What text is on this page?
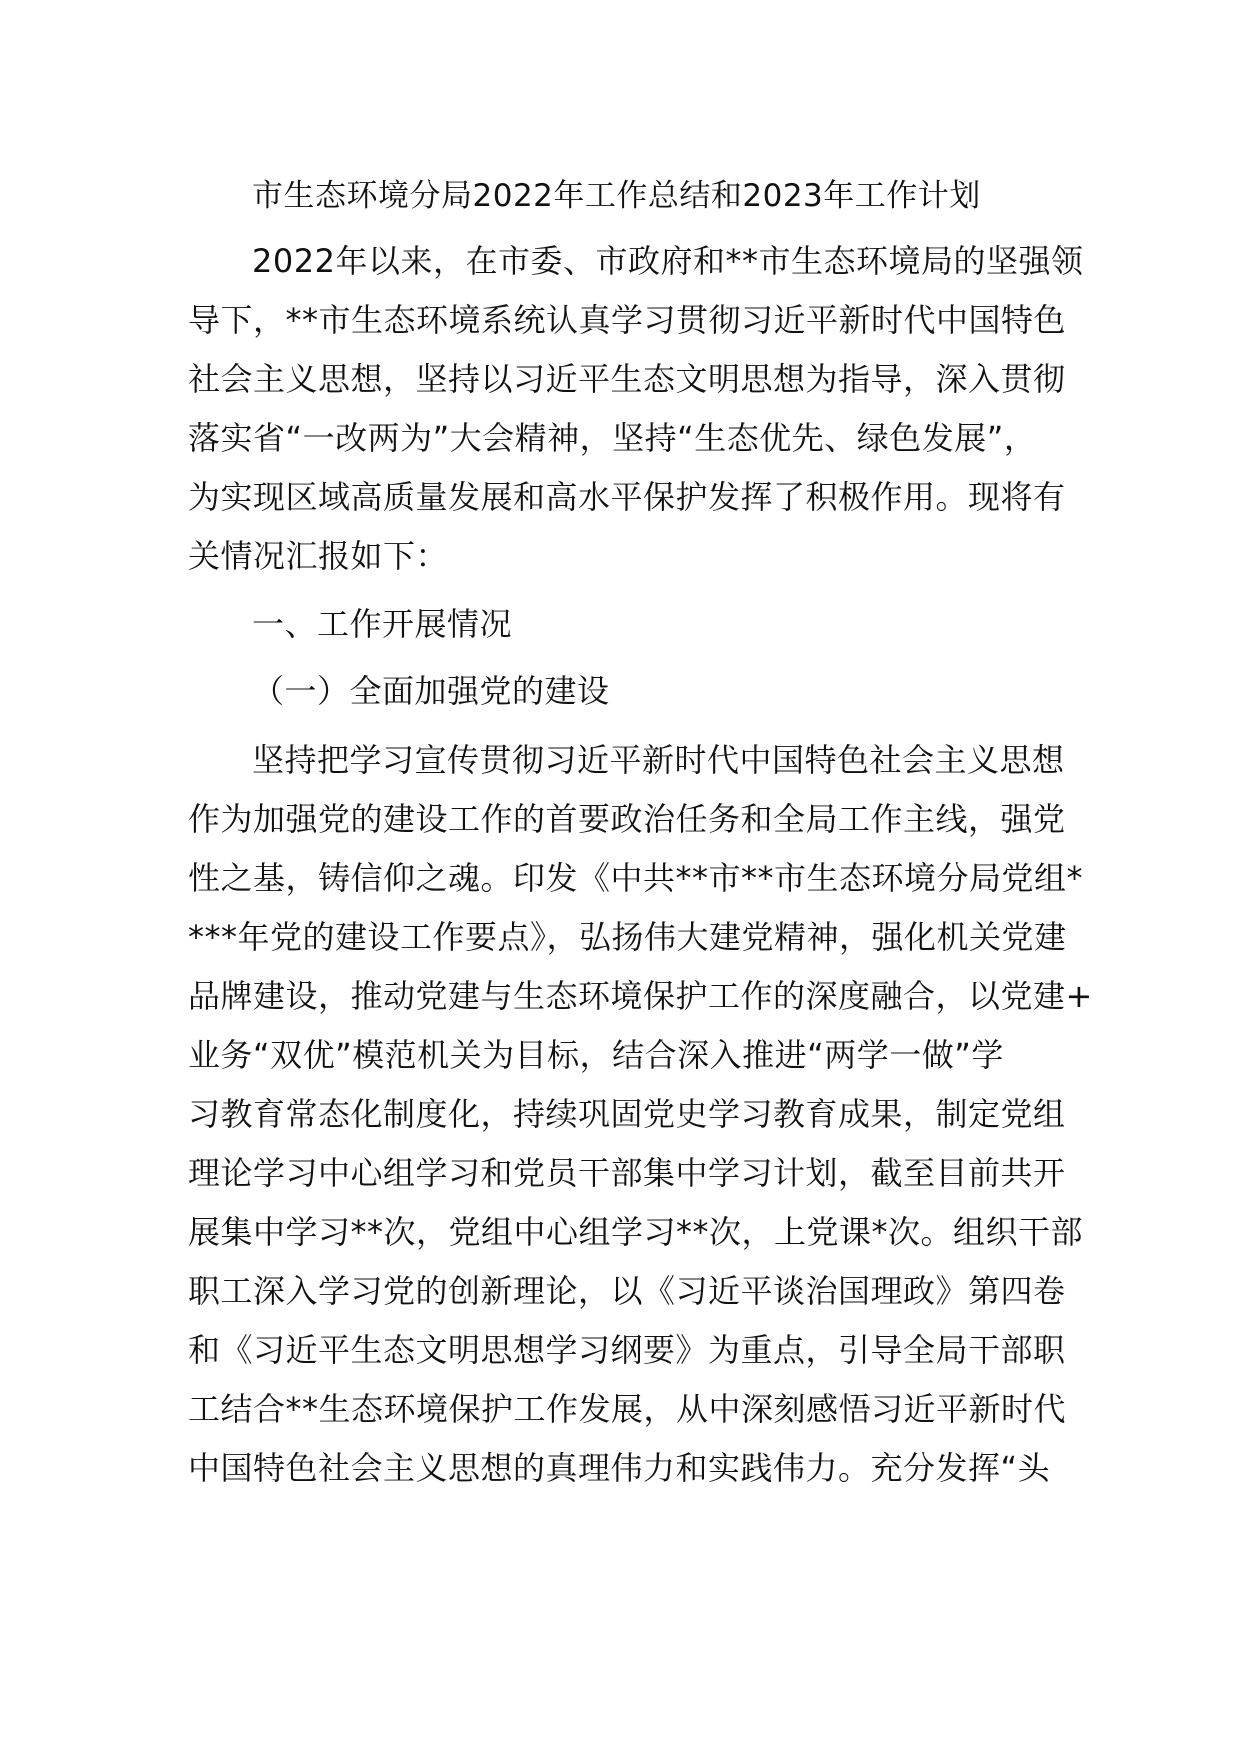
市生态环境分局2022年工作总结和2023年工作计划
2022年以来，在市委、市政府和**市生态环境局的坚强领
导下，**市生态环境系统认真学习贯彻习近平新时代中国特色
社会主义思想，坚持以习近平生态文明思想为指导，深入贯彻
落实省“一改两为”大会精神，坚持“生态优先、绿色发展”，
为实现区域高质量发展和高水平保护发挥了积极作用。现将有
关情况汇报如下：
一、工作开展情况
（一）全面加强党的建设
坚持把学习宣传贯彻习近平新时代中国特色社会主义思想
作为加强党的建设工作的首要政治任务和全局工作主线，强党
性之基，铸信仰之魂。印发《中共**市**市生态环境分局党组*
***年党的建设工作要点》，弘扬伟大建党精神，强化机关党建
品牌建设，推动党建与生态环境保护工作的深度融合，以党建+
业务“双优”模范机关为目标，结合深入推进“两学一做”学
习教育常态化制度化，持续巩固党史学习教育成果，制定党组
理论学习中心组学习和党员干部集中学习计划，截至目前共开
展集中学习**次，党组中心组学习**次，上党课*次。组织干部
职工深入学习党的创新理论，以《习近平谈治国理政》第四卷
和《习近平生态文明思想学习纲要》为重点，引导全局干部职
工结合**生态环境保护工作发展，从中深刻感悟习近平新时代
中国特色社会主义思想的真理伟力和实践伟力。充分发挥“头
